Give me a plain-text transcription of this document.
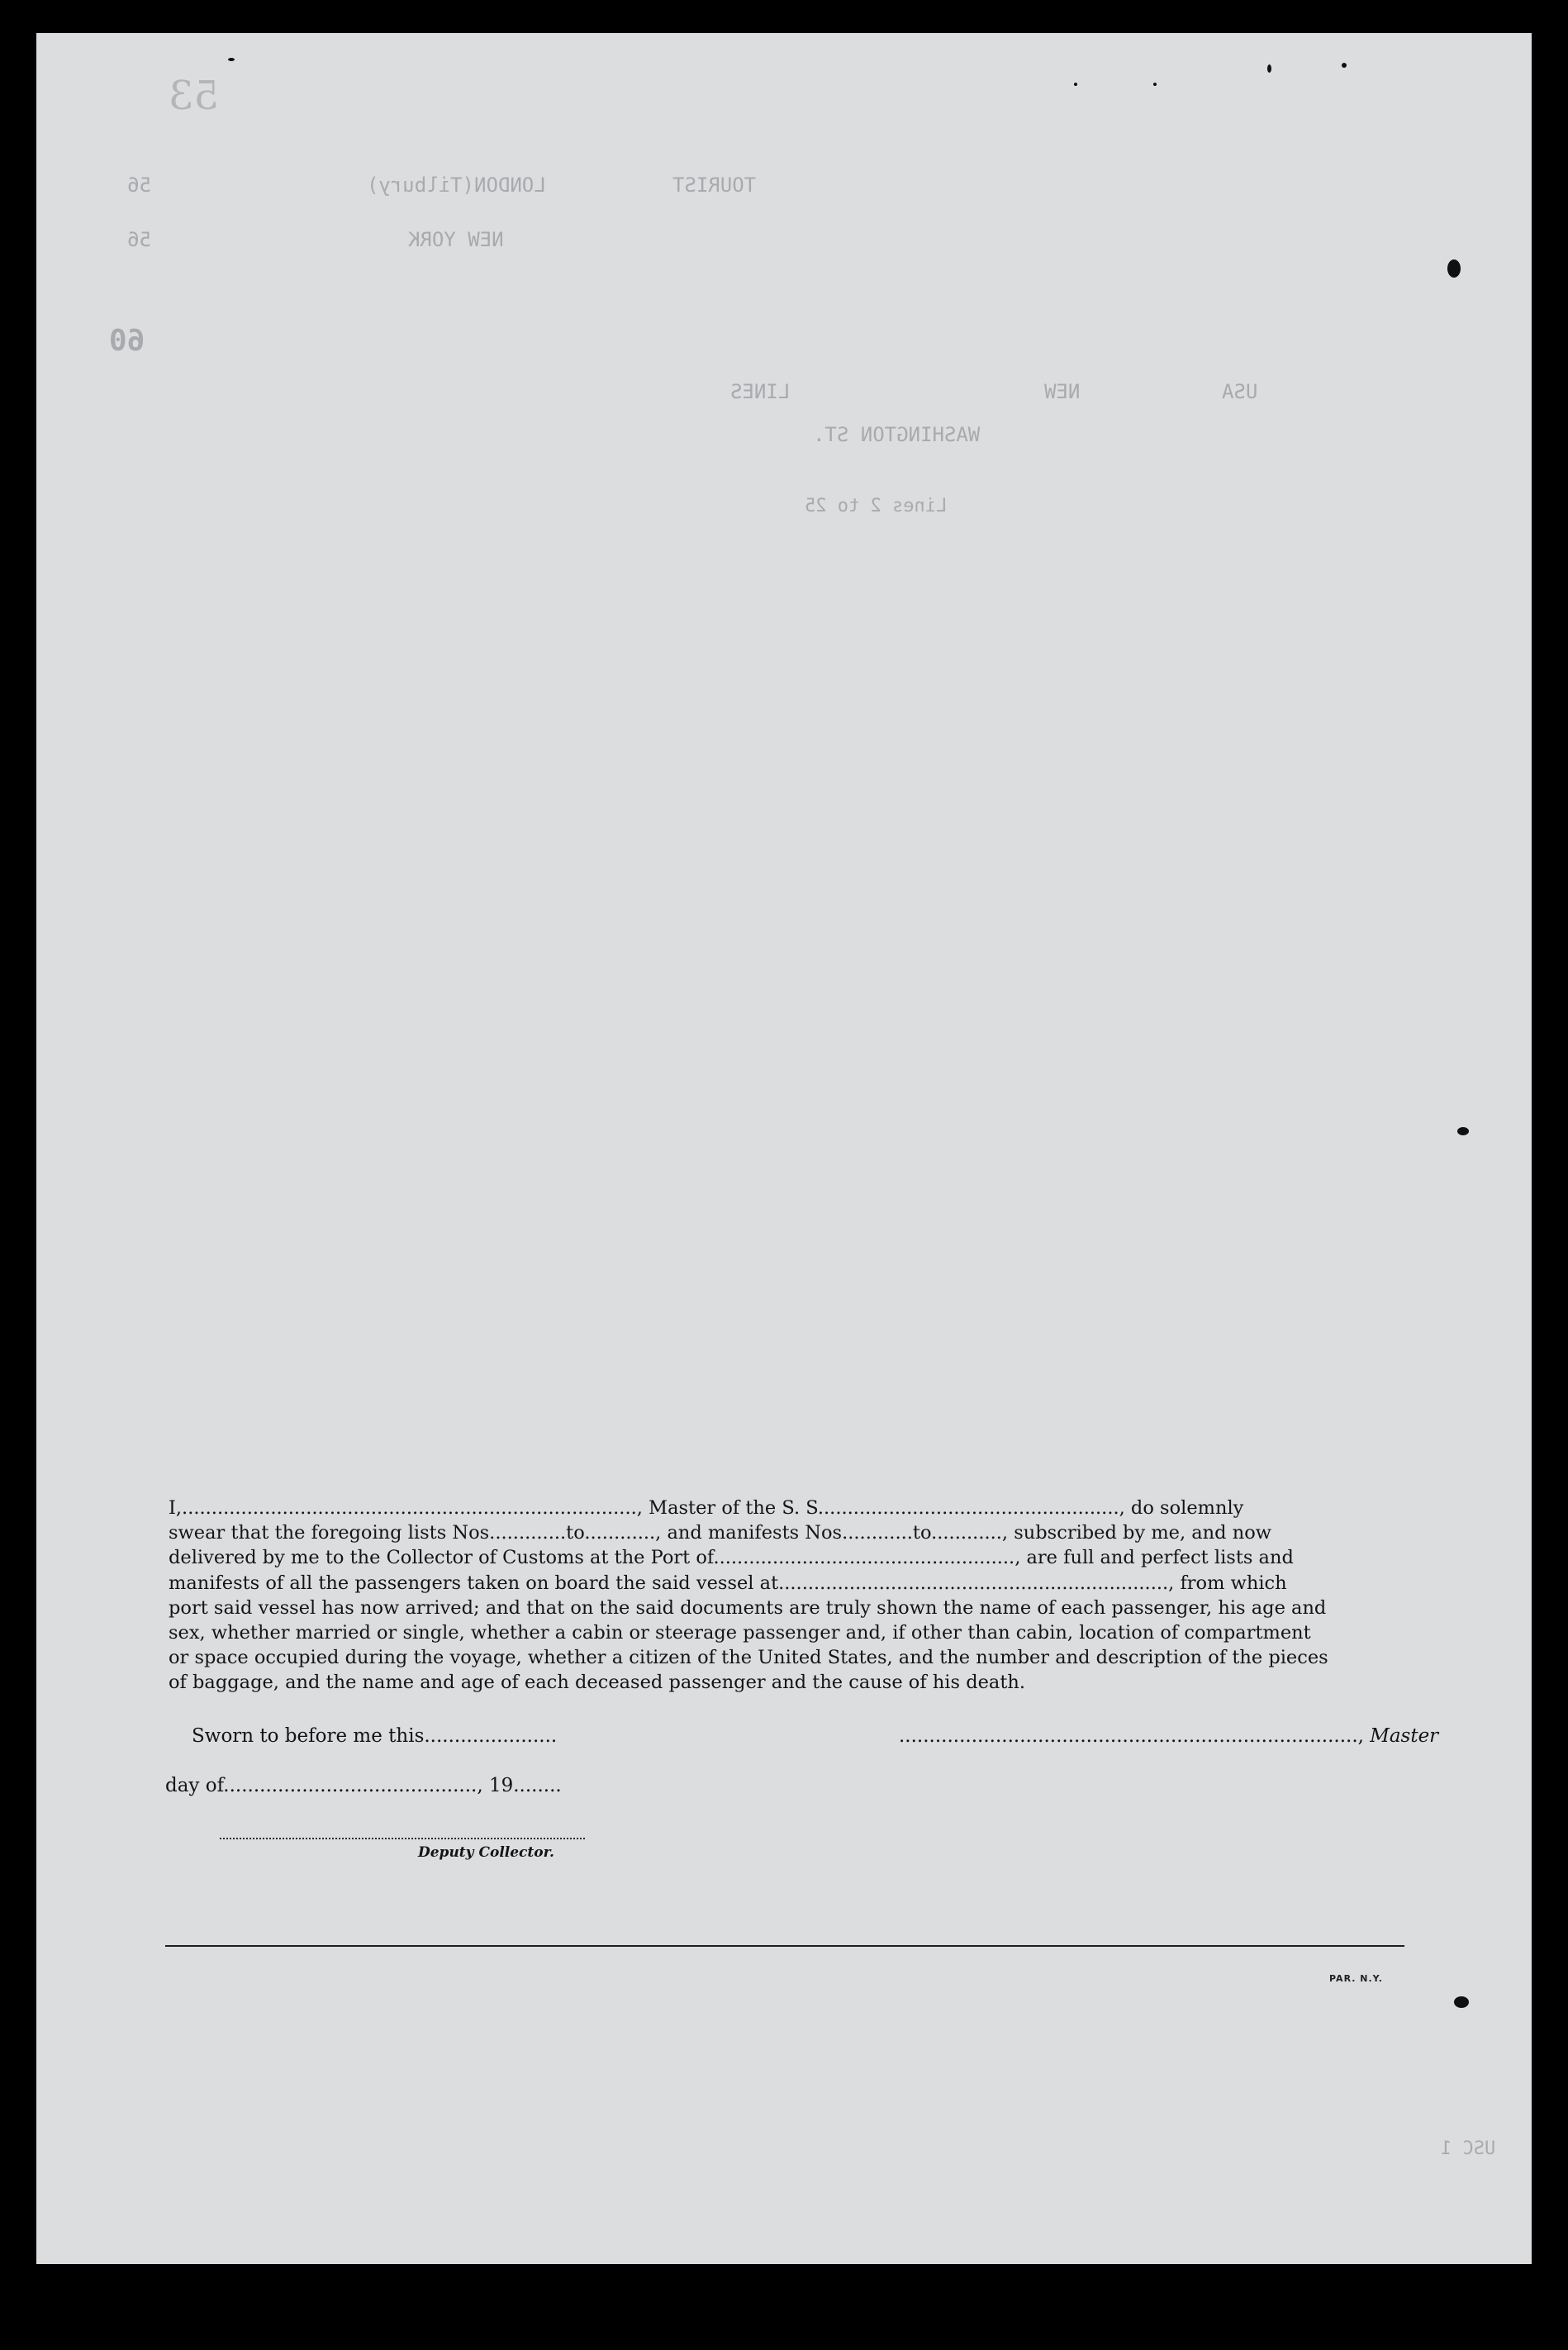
53
TOURIST
LONDON(Tilbury)
56
NEW YORK
56
60
USA
NEW
LINES
WASHINGTON ST.
Lines 2 to 25
USC 1

I,............................................................................., Master of the S. S..................................................., do solemnly

swear that the foregoing lists Nos.............to............, and manifests Nos............to............, subscribed by me, and now

delivered by me to the Collector of Customs at the Port of..................................................., are full and perfect lists and

manifests of all the passengers taken on board the said vessel at.................................................................., from which

port said vessel has now arrived; and that on the said documents are truly shown the name of each passenger, his age and

sex, whether married or single, whether a cabin or steerage passenger and, if other than cabin, location of compartment

or space occupied during the voyage, whether a citizen of the United States, and the number and description of the pieces

of baggage, and the name and age of each deceased passenger and the cause of his death.

Sworn to before me this......................	............................................................................, Master
day of.........................................., 19........
Deputy Collector.
PAR. N.Y.
